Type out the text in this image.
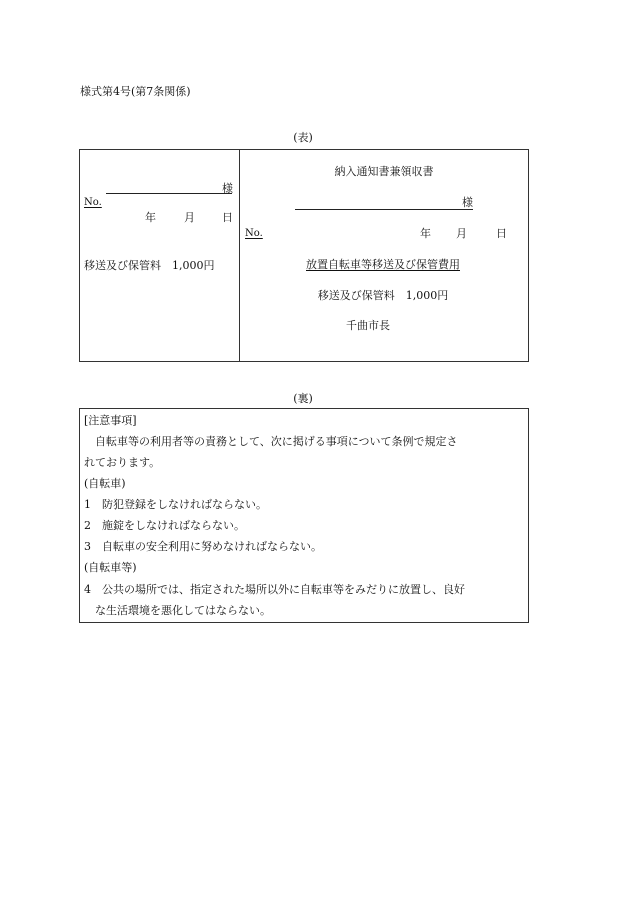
様式第4号(第7条関係)
(表)
様
No.
年	月 日
移送及び保管料　1,000円
納入通知書兼領収書
様
No.	年 月	日
放置自転車等移送及び保管費用
移送及び保管料　1,000円
千曲市長
(裏)
[注意事項]
　自転車等の利用者等の責務として、次に掲げる事項について条例で規定さ
れております。
(自転車)
1　防犯登録をしなければならない。
2　施錠をしなければならない。
3　自転車の安全利用に努めなければならない。
(自転車等)
4　公共の場所では、指定された場所以外に自転車等をみだりに放置し、良好
　な生活環境を悪化してはならない。
